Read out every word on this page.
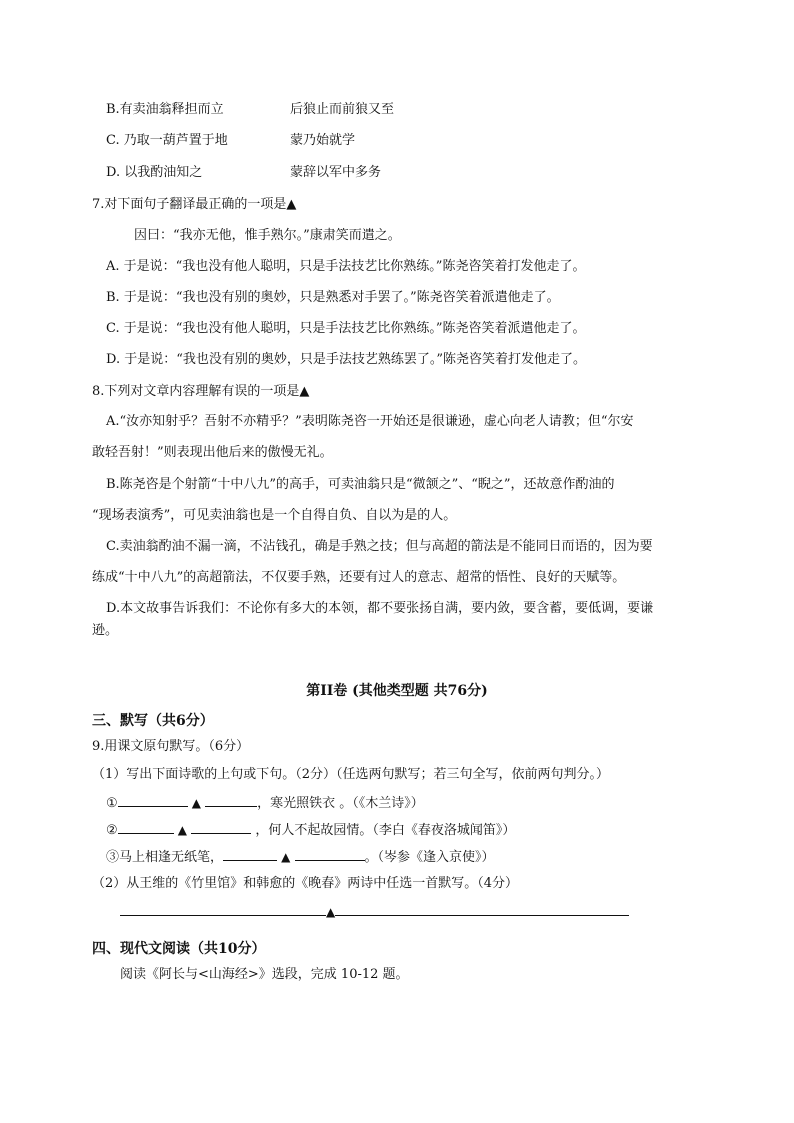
B.有卖油翁释担而立	后狼止而前狼又至
C. 乃取一葫芦置于地	蒙乃始就学
D. 以我酌油知之	蒙辞以军中多务
7.对下面句子翻译最正确的一项是▲
因曰：“我亦无他，惟手熟尔。”康肃笑而遣之。
A. 于是说：“我也没有他人聪明，只是手法技艺比你熟练。”陈尧咨笑着打发他走了。
B. 于是说：“我也没有别的奥妙，只是熟悉对手罢了。”陈尧咨笑着派遣他走了。
C. 于是说：“我也没有他人聪明，只是手法技艺比你熟练。”陈尧咨笑着派遣他走了。
D. 于是说：“我也没有别的奥妙，只是手法技艺熟练罢了。”陈尧咨笑着打发他走了。
8.下列对文章内容理解有误的一项是▲
A.“汝亦知射乎？吾射不亦精乎？”表明陈尧咨一开始还是很谦逊，虚心向老人请教；但“尔安
敢轻吾射！”则表现出他后来的傲慢无礼。
B.陈尧咨是个射箭“十中八九”的高手，可卖油翁只是“微颔之”、“睨之”，还故意作酌油的
“现场表演秀”，可见卖油翁也是一个自得自负、自以为是的人。
C.卖油翁酌油不漏一滴，不沾钱孔，确是手熟之技；但与高超的箭法是不能同日而语的，因为要
练成“十中八九”的高超箭法，不仅要手熟，还要有过人的意志、超常的悟性、良好的天赋等。
D.本文故事告诉我们：不论你有多大的本领，都不要张扬自满，要内敛，要含蓄，要低调，要谦
逊。
第II卷 (其他类型题 共76分)
三、默写（共6分）
9.用课文原句默写。（6分）
（1）写出下面诗歌的上句或下句。（2分）（任选两句默写；若三句全写，依前两句判分。）
①	▲	，寒光照铁衣 。（《木兰诗》）
②	▲	，何人不起故园情。（李白《春夜洛城闻笛》）
③马上相逢无纸笔，	▲	。（岑参《逢入京使》）
（2）从王维的《竹里馆》和韩愈的《晚春》两诗中任选一首默写。（4分）
▲
四、现代文阅读（共10分）
阅读《阿长与<山海经>》选段，完成 10-12 题。
